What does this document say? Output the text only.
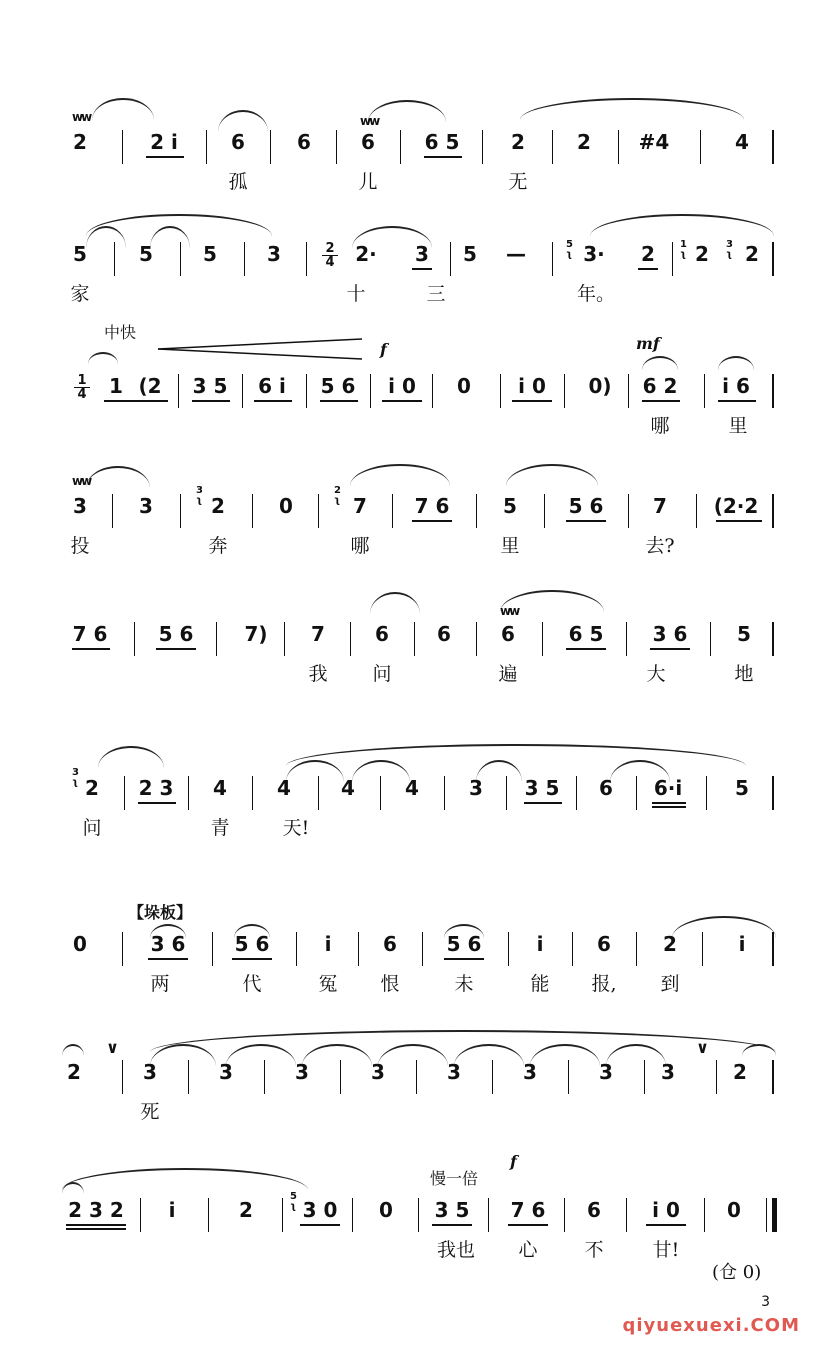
ᴡᴡ
2	2 i	6	6
ᴡᴡ
6	6 5	2	2	#4	4
孤	儿	无
5	5	5	3	2
4	2·	3	5	—	5
ʅ 3·	2	1
ʅ 2	3
ʅ 2
家	十	三	年。
中快
f	mf
1
4	1 (2	3 5	6 i	5 6	i 0	0	i 0	0)	6 2	i 6
哪	里
ᴡᴡ
3	3
3
ʅ 2	0
2
ʅ 7	7 6	5	5 6	7	(2·2
投	奔	哪	里	去?
ᴡᴡ
7 6	5 6	7)	7	6	6	6	6 5	3 6	5
我	问	遍	大	地
3
ʅ 2	2 3	4	4	4	4	3	3 5	6	6·i	5
问	青	天!
【垛板】
0	3 6	5 6	i	6	5 6	i	6	2	i
两	代	冤	恨	未	能	报,	到
∨	∨
2	3	3	3	3	3	3	3	3	2
死
慢一倍
f
2 3 2	i	2
5
ʅ 3 0	0	3 5	7 6	6	i 0	0
我也	心	不	甘!
(仓 0)
3
qiyuexuexi.COM
